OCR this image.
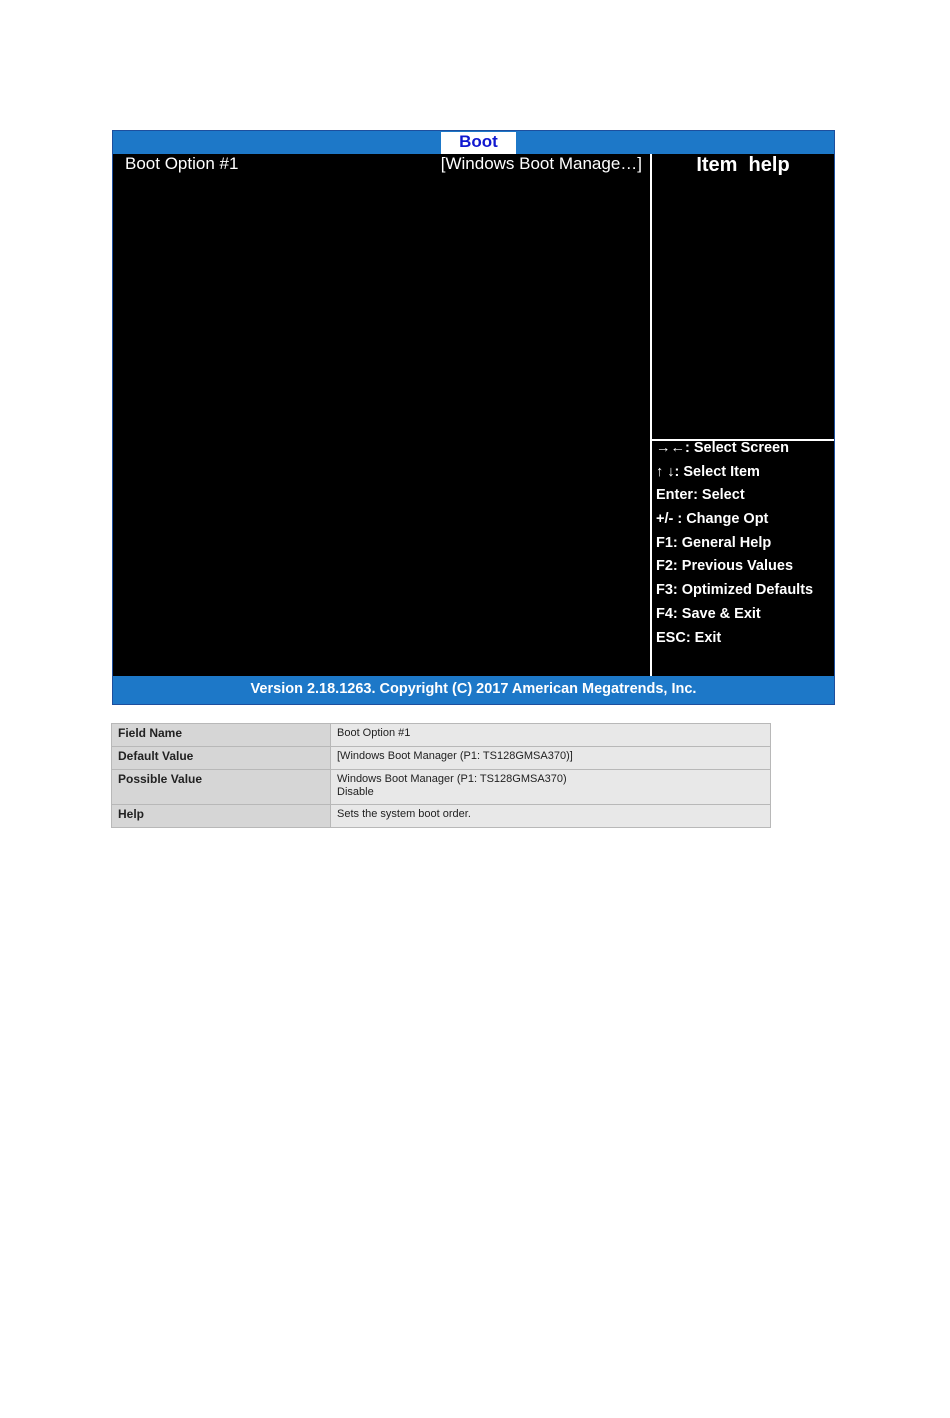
Boot
Boot Option #1	[Windows Boot Manage…]	Item  help
→←: Select Screen
↑ ↓: Select Item
Enter: Select
+/- : Change Opt
F1: General Help
F2: Previous Values
F3: Optimized Defaults
F4: Save & Exit
ESC: Exit
Version 2.18.1263. Copyright (C) 2017 American Megatrends, Inc.
Field Name	Boot Option #1
Default Value	[Windows Boot Manager (P1: TS128GMSA370)]
Possible Value	Windows Boot Manager (P1: TS128GMSA370)
Disable

Help	Sets the system boot order.
